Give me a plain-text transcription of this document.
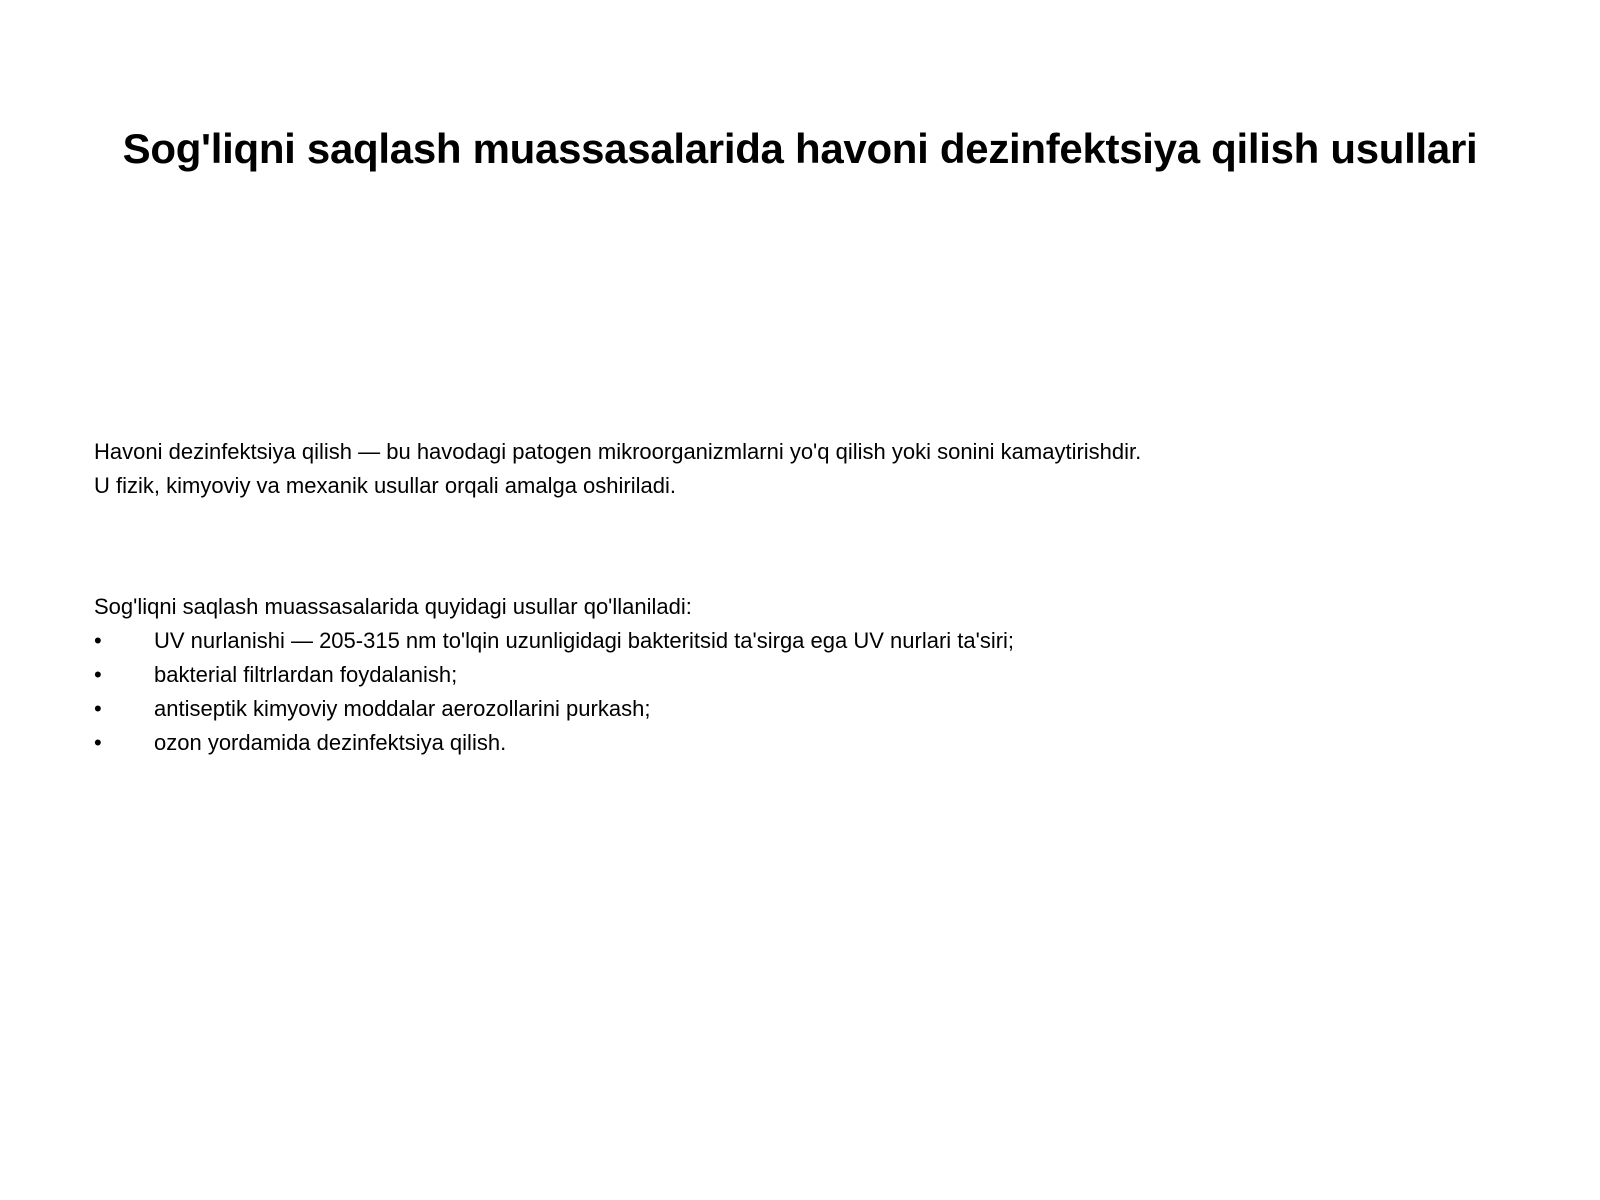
Sog'liqni saqlash muassasalarida havoni dezinfektsiya qilish usullari

Havoni dezinfektsiya qilish — bu havodagi patogen mikroorganizmlarni yo'q qilish yoki sonini kamaytirishdir.

U fizik, kimyoviy va mexanik usullar orqali amalga oshiriladi.

Sog'liqni saqlash muassasalarida quyidagi usullar qo'llaniladi:

•	UV nurlanishi — 205-315 nm to'lqin uzunligidagi bakteritsid ta'sirga ega UV nurlari ta'siri;
•	bakterial filtrlardan foydalanish;
•	antiseptik kimyoviy moddalar aerozollarini purkash;
•	ozon yordamida dezinfektsiya qilish.
